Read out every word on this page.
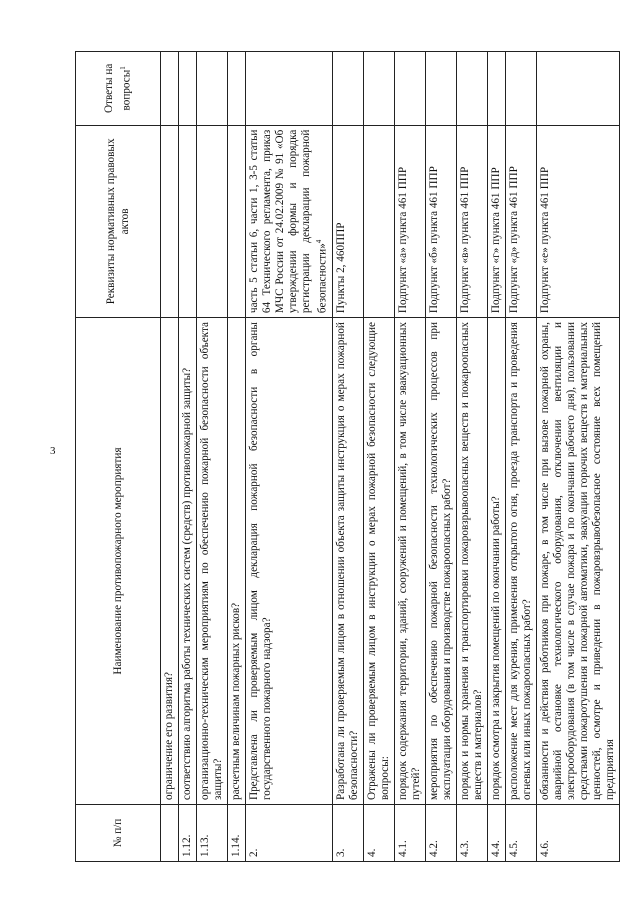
3
№ п/п	Наименование противопожарного мероприятия	Реквизиты нормативных правовых актов	Ответы на вопросы$^1$
	ограничение его развития?		
1.12.	соответствию алгоритма работы технических систем (средств) противопожарной защиты?		
1.13.	организационно-техническим мероприятиям по обеспечению пожарной безопасности объекта защиты?		
1.14.	расчетным величинам пожарных рисков?		
2.	Представлена ли проверяемым лицом декларация пожарной безопасности в органы государственного пожарного надзора?	часть 5 статьи 6, части 1, 3-5 статьи 64 Технического регламента, приказ МЧС России от 24.02.2009 № 91 «Об утверждении формы и порядка регистрации декларации пожарной безопасности»$^4$	
3.	Разработана ли проверяемым лицом в отношении объекта защиты инструкция о мерах пожарной безопасности?	Пункты 2, 460ППР	
4.	Отражены ли проверяемым лицом в инструкции о мерах пожарной безопасности следующие вопросы:		
4.1.	порядок содержания территории, зданий, сооружений и помещений, в том числе эвакуационных путей?	Подпункт «а» пункта 461 ППР	
4.2.	мероприятия по обеспечению пожарной безопасности технологических процессов при эксплуатации оборудования и производстве пожароопасных работ?	Подпункт «б» пункта 461 ППР	
4.3.	порядок и нормы хранения и транспортировки пожаровзрывоопасных веществ и пожароопасных веществ и материалов?	Подпункт «в» пункта 461 ППР	
4.4.	порядок осмотра и закрытия помещений по окончании работы?	Подпункт «г» пункта 461 ППР	
4.5.	расположение мест для курения, применения открытого огня, проезда транспорта и проведения огневых или иных пожароопасных работ?	Подпункт «д» пункта 461 ППР	
4.6.	обязанности и действия работников при пожаре, в том числе при вызове пожарной охраны, аварийной остановке технологического оборудования, отключении вентиляции и электрооборудования (в том числе в случае пожара и по окончании рабочего дня), пользовании средствами пожаротушения и пожарной автоматики, эвакуации горючих веществ и материальных ценностей, осмотре и приведении в пожаровзрывобезопасное состояние всех помещений предприятия	Подпункт «е» пункта 461 ППР	
